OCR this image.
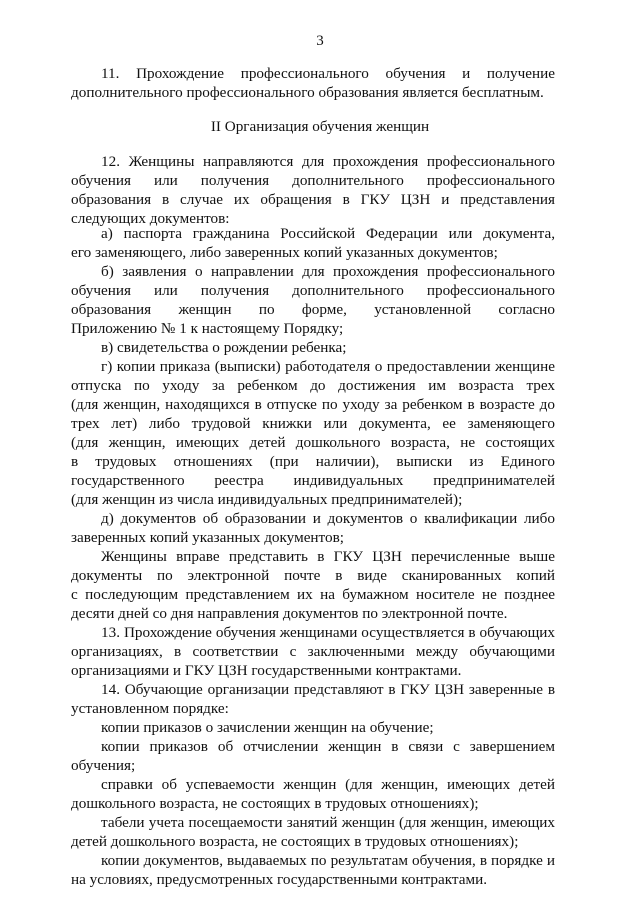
3
II Организация обучения женщин
11. Прохождение профессионального обучения и получение
дополнительного профессионального образования является бесплатным.
12. Женщины направляются для прохождения профессионального
обучения или получения дополнительного профессионального
образования в случае их обращения в ГКУ ЦЗН и представления
следующих документов:
а) паспорта гражданина Российской Федерации или документа,
его заменяющего, либо заверенных копий указанных документов;
б) заявления о направлении для прохождения профессионального
обучения или получения дополнительного профессионального
образования женщин по форме, установленной согласно
Приложению № 1 к настоящему Порядку;
в) свидетельства о рождении ребенка;
г) копии приказа (выписки) работодателя о предоставлении женщине
отпуска по уходу за ребенком до достижения им возраста трех
(для женщин, находящихся в отпуске по уходу за ребенком в возрасте до
трех лет) либо трудовой книжки или документа, ее заменяющего
(для женщин, имеющих детей дошкольного возраста, не состоящих
в трудовых отношениях (при наличии), выписки из Единого
государственного реестра индивидуальных предпринимателей
(для женщин из числа индивидуальных предпринимателей);
д) документов об образовании и документов о квалификации либо
заверенных копий указанных документов;
Женщины вправе представить в ГКУ ЦЗН перечисленные выше
документы по электронной почте в виде сканированных копий
с последующим представлением их на бумажном носителе не позднее
десяти дней со дня направления документов по электронной почте.
13. Прохождение обучения женщинами осуществляется в обучающих
организациях, в соответствии с заключенными между обучающими
организациями и ГКУ ЦЗН государственными контрактами.
14. Обучающие организации представляют в ГКУ ЦЗН заверенные в
установленном порядке:
копии приказов о зачислении женщин на обучение;
копии приказов об отчислении женщин в связи с завершением
обучения;
справки об успеваемости женщин (для женщин, имеющих детей
дошкольного возраста, не состоящих в трудовых отношениях);
табели учета посещаемости занятий женщин (для женщин, имеющих
детей дошкольного возраста, не состоящих в трудовых отношениях);
копии документов, выдаваемых по результатам обучения, в порядке и
на условиях, предусмотренных государственными контрактами.
